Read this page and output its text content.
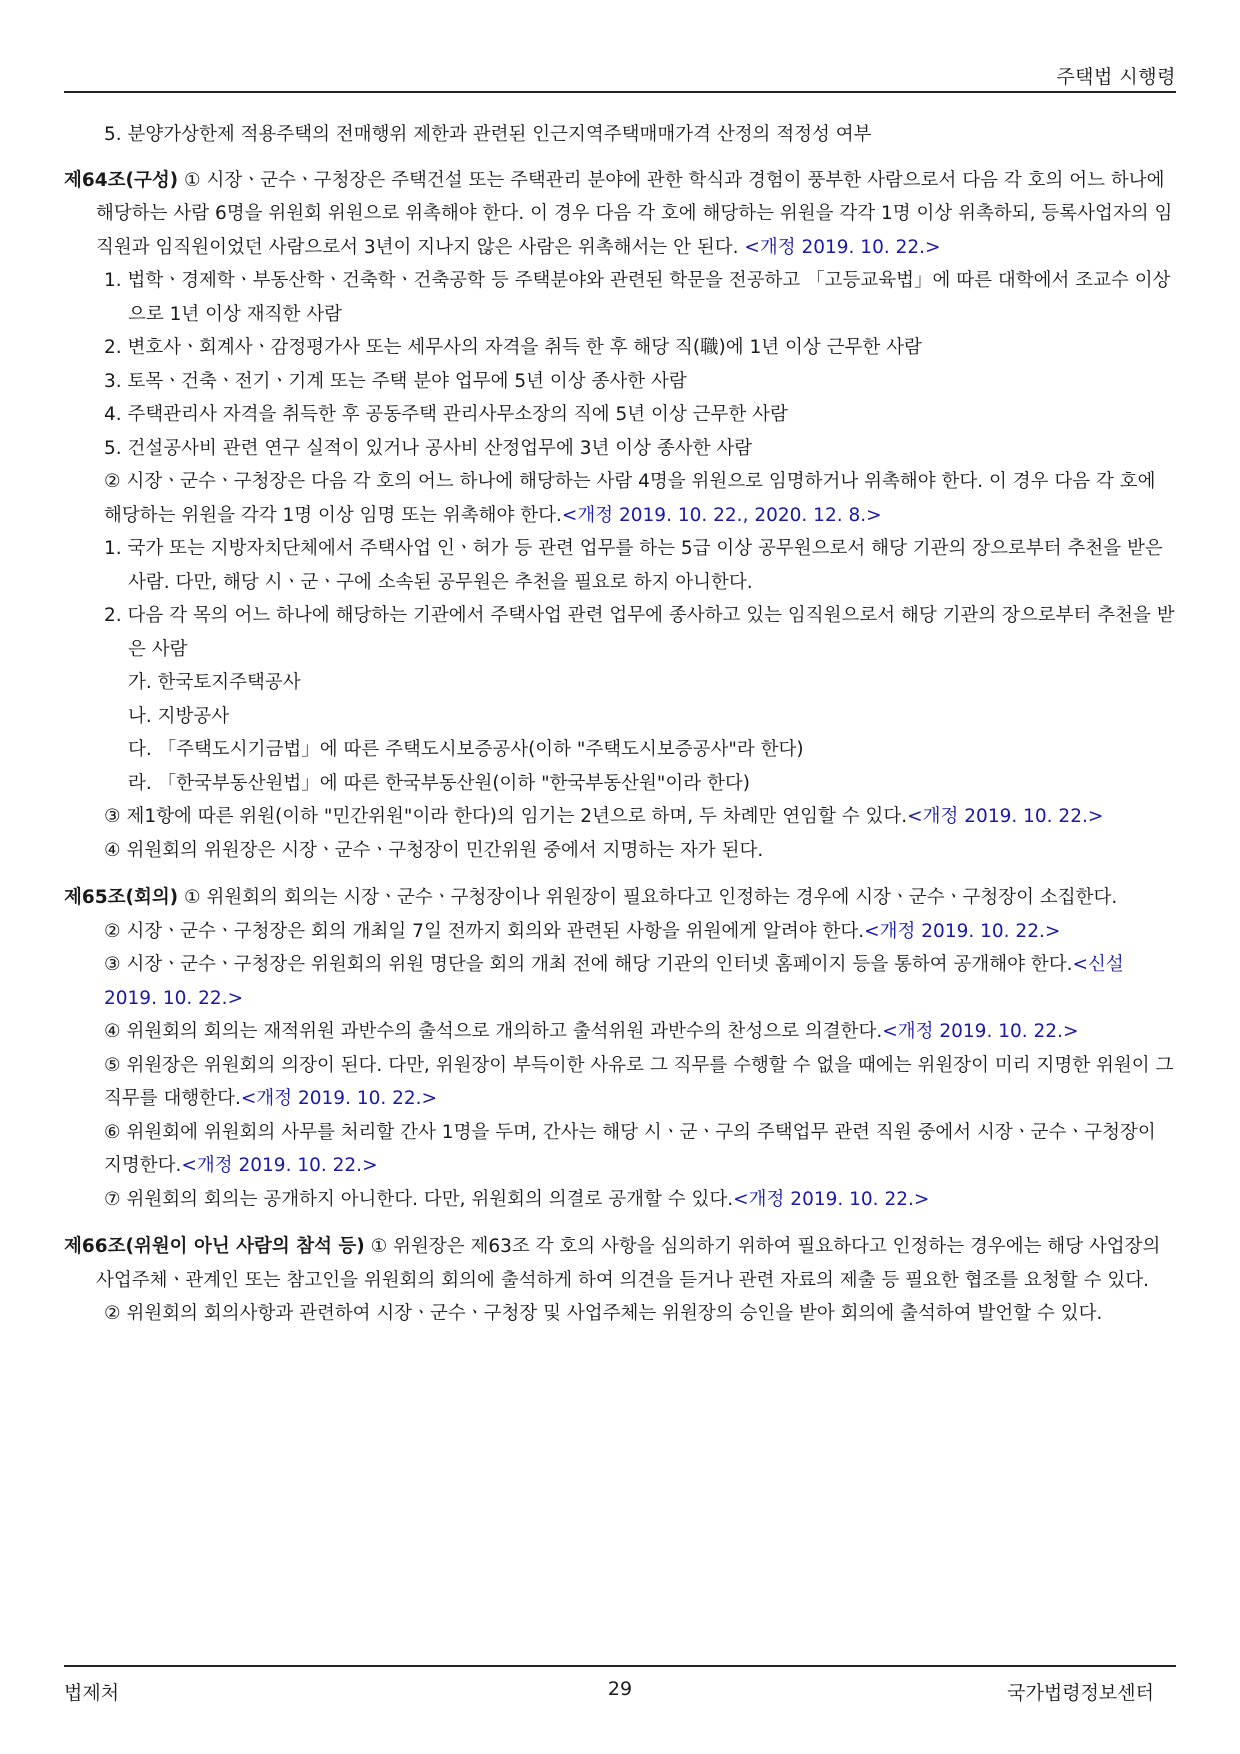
주택법 시행령

5. 분양가상한제 적용주택의 전매행위 제한과 관련된 인근지역주택매매가격 산정의 적정성 여부

제64조(구성) ① 시장ㆍ군수ㆍ구청장은 주택건설 또는 주택관리 분야에 관한 학식과 경험이 풍부한 사람으로서 다음 각 호의 어느 하나에 해당하는 사람 6명을 위원회 위원으로 위촉해야 한다. 이 경우 다음 각 호에 해당하는 위원을 각각 1명 이상 위촉하되, 등록사업자의 임직원과 임직원이었던 사람으로서 3년이 지나지 않은 사람은 위촉해서는 안 된다. <개정 2019. 10. 22.>

1. 법학ㆍ경제학ㆍ부동산학ㆍ건축학ㆍ건축공학 등 주택분야와 관련된 학문을 전공하고 「고등교육법」에 따른 대학에서 조교수 이상으로 1년 이상 재직한 사람

2. 변호사ㆍ회계사ㆍ감정평가사 또는 세무사의 자격을 취득 한 후 해당 직(職)에 1년 이상 근무한 사람

3. 토목ㆍ건축ㆍ전기ㆍ기계 또는 주택 분야 업무에 5년 이상 종사한 사람

4. 주택관리사 자격을 취득한 후 공동주택 관리사무소장의 직에 5년 이상 근무한 사람

5. 건설공사비 관련 연구 실적이 있거나 공사비 산정업무에 3년 이상 종사한 사람

② 시장ㆍ군수ㆍ구청장은 다음 각 호의 어느 하나에 해당하는 사람 4명을 위원으로 임명하거나 위촉해야 한다. 이 경우 다음 각 호에 해당하는 위원을 각각 1명 이상 임명 또는 위촉해야 한다.<개정 2019. 10. 22., 2020. 12. 8.>

1. 국가 또는 지방자치단체에서 주택사업 인ㆍ허가 등 관련 업무를 하는 5급 이상 공무원으로서 해당 기관의 장으로부터 추천을 받은 사람. 다만, 해당 시ㆍ군ㆍ구에 소속된 공무원은 추천을 필요로 하지 아니한다.

2. 다음 각 목의 어느 하나에 해당하는 기관에서 주택사업 관련 업무에 종사하고 있는 임직원으로서 해당 기관의 장으로부터 추천을 받은 사람

가. 한국토지주택공사

나. 지방공사

다. 「주택도시기금법」에 따른 주택도시보증공사(이하 "주택도시보증공사"라 한다)

라. 「한국부동산원법」에 따른 한국부동산원(이하 "한국부동산원"이라 한다)

③ 제1항에 따른 위원(이하 "민간위원"이라 한다)의 임기는 2년으로 하며, 두 차례만 연임할 수 있다.<개정 2019. 10. 22.>

④ 위원회의 위원장은 시장ㆍ군수ㆍ구청장이 민간위원 중에서 지명하는 자가 된다.

제65조(회의) ① 위원회의 회의는 시장ㆍ군수ㆍ구청장이나 위원장이 필요하다고 인정하는 경우에 시장ㆍ군수ㆍ구청장이 소집한다.

② 시장ㆍ군수ㆍ구청장은 회의 개최일 7일 전까지 회의와 관련된 사항을 위원에게 알려야 한다.<개정 2019. 10. 22.>

③ 시장ㆍ군수ㆍ구청장은 위원회의 위원 명단을 회의 개최 전에 해당 기관의 인터넷 홈페이지 등을 통하여 공개해야 한다.<신설 2019. 10. 22.>

④ 위원회의 회의는 재적위원 과반수의 출석으로 개의하고 출석위원 과반수의 찬성으로 의결한다.<개정 2019. 10. 22.>

⑤ 위원장은 위원회의 의장이 된다. 다만, 위원장이 부득이한 사유로 그 직무를 수행할 수 없을 때에는 위원장이 미리 지명한 위원이 그 직무를 대행한다.<개정 2019. 10. 22.>

⑥ 위원회에 위원회의 사무를 처리할 간사 1명을 두며, 간사는 해당 시ㆍ군ㆍ구의 주택업무 관련 직원 중에서 시장ㆍ군수ㆍ구청장이 지명한다.<개정 2019. 10. 22.>

⑦ 위원회의 회의는 공개하지 아니한다. 다만, 위원회의 의결로 공개할 수 있다.<개정 2019. 10. 22.>

제66조(위원이 아닌 사람의 참석 등) ① 위원장은 제63조 각 호의 사항을 심의하기 위하여 필요하다고 인정하는 경우에는 해당 사업장의 사업주체ㆍ관계인 또는 참고인을 위원회의 회의에 출석하게 하여 의견을 듣거나 관련 자료의 제출 등 필요한 협조를 요청할 수 있다.

② 위원회의 회의사항과 관련하여 시장ㆍ군수ㆍ구청장 및 사업주체는 위원장의 승인을 받아 회의에 출석하여 발언할 수 있다.

법제처	29	국가법령정보센터
